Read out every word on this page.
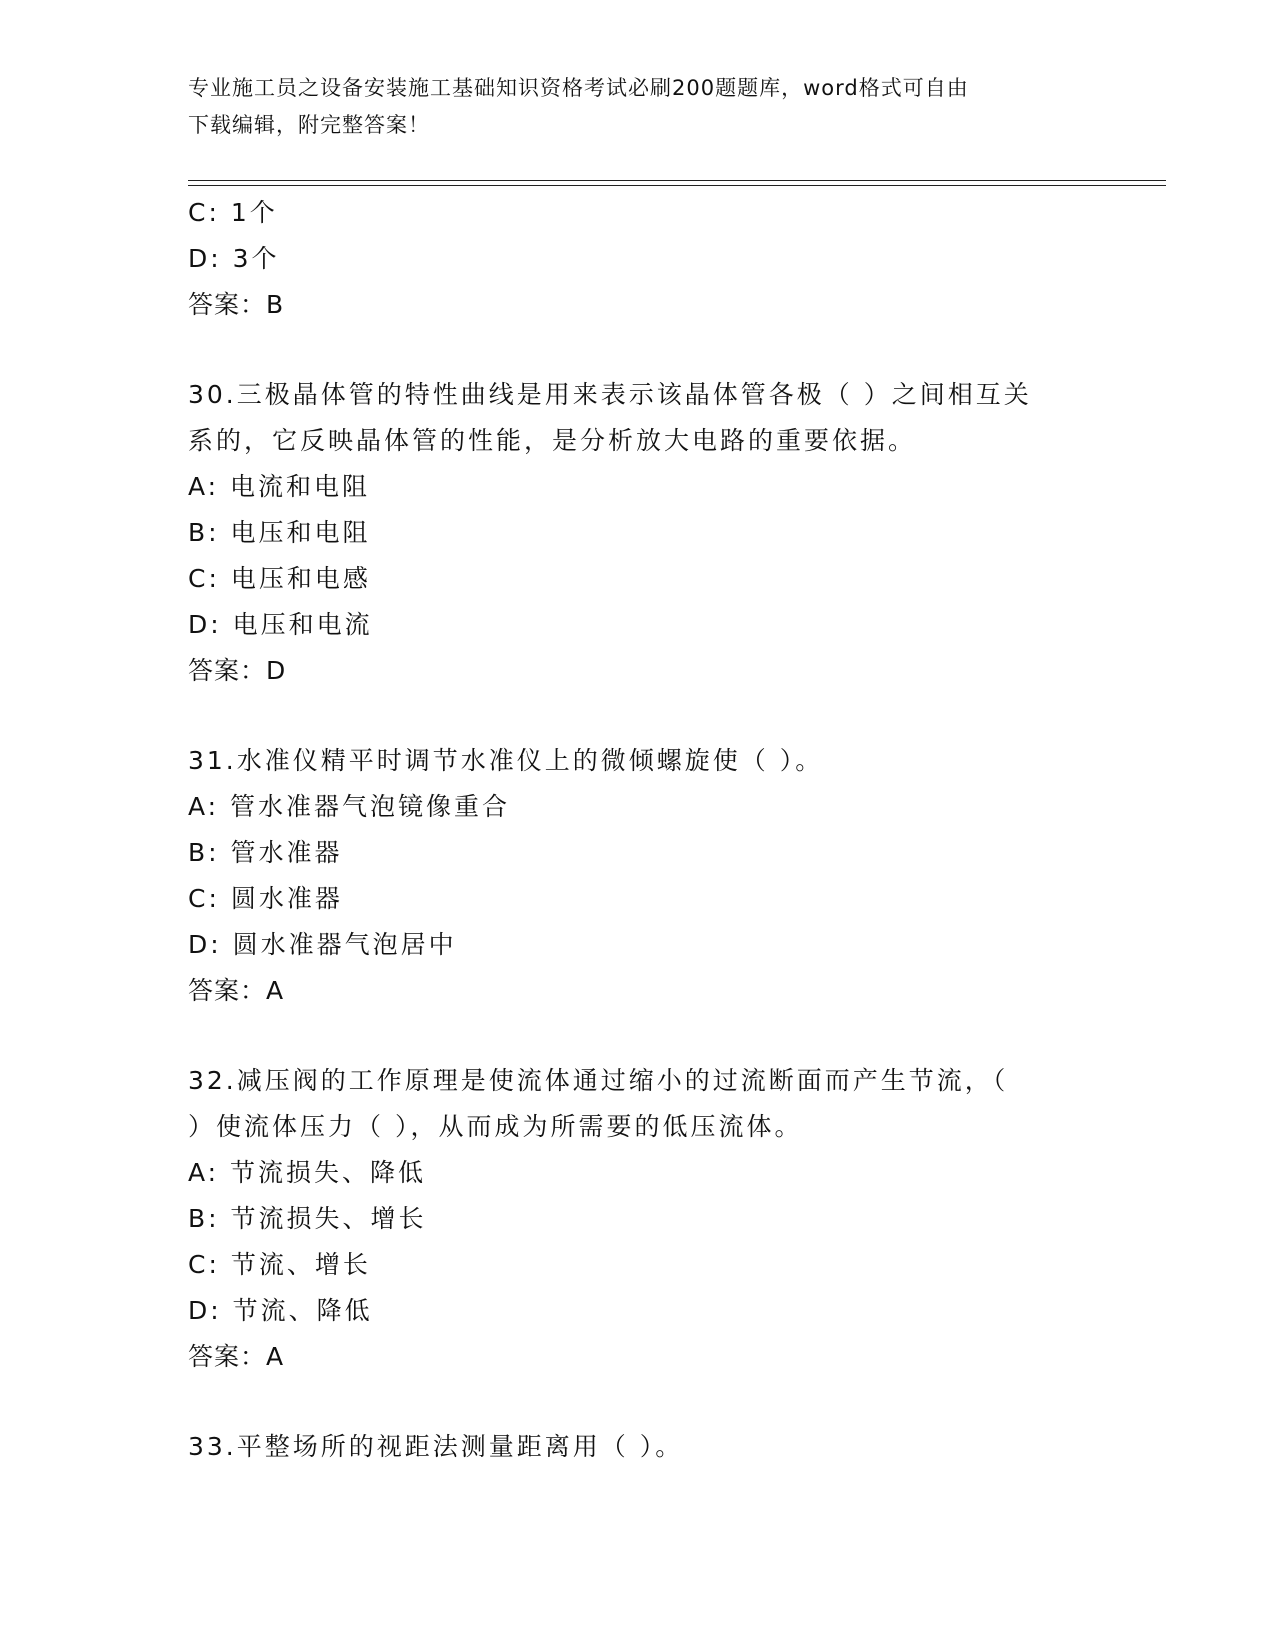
专业施工员之设备安装施工基础知识资格考试必刷200题题库，word格式可自由
下载编辑，附完整答案！
C: 1个
D: 3个
答案：B
30.三极晶体管的特性曲线是用来表示该晶体管各极（ ）之间相互关
系的，它反映晶体管的性能，是分析放大电路的重要依据。
A: 电流和电阻
B: 电压和电阻
C: 电压和电感
D: 电压和电流
答案：D
31.水准仪精平时调节水准仪上的微倾螺旋使（ ）。
A: 管水准器气泡镜像重合
B: 管水准器
C: 圆水准器
D: 圆水准器气泡居中
答案：A
32.减压阀的工作原理是使流体通过缩小的过流断面而产生节流，（
）使流体压力（ ），从而成为所需要的低压流体。
A: 节流损失、降低
B: 节流损失、增长
C: 节流、增长
D: 节流、降低
答案：A
33.平整场所的视距法测量距离用（ ）。
